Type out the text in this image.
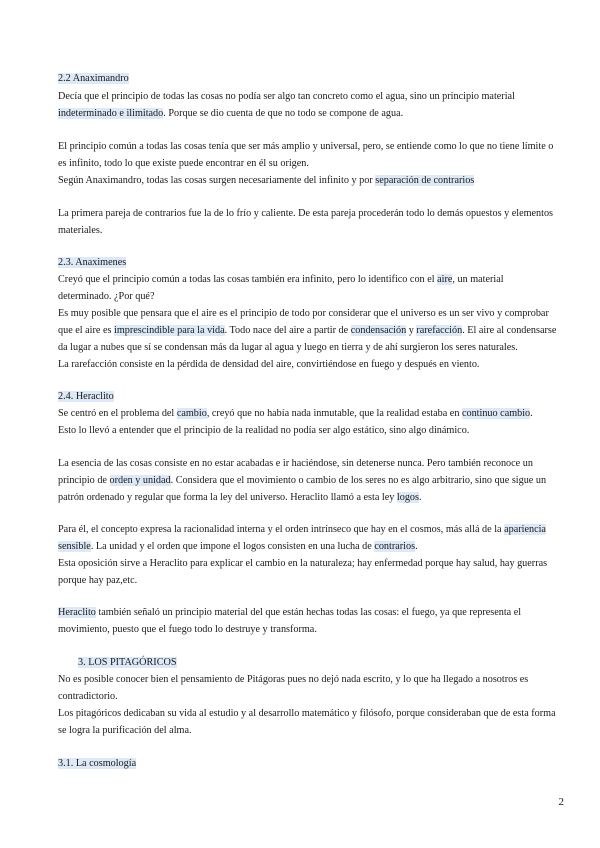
2.2 Anaximandro
Decía que el principio de todas las cosas no podía ser algo tan concreto como el agua, sino un principio material
indeterminado e ilimitado. Porque se dio cuenta de que no todo se compone de agua.
El principio común a todas las cosas tenía que ser más amplio y universal, pero, se entiende como lo que no tiene límite o
es infinito, todo lo que existe puede encontrar en él su origen.
Según Anaximandro, todas las cosas surgen necesariamente del infinito y por separación de contrarios
La primera pareja de contrarios fue la de lo frío y caliente. De esta pareja procederán todo lo demás opuestos y elementos
materiales.
2.3. Anaximenes
Creyó que el principio común a todas las cosas también era infinito, pero lo identifico con el aire, un material
determinado. ¿Por qué?
Es muy posible que pensara que el aire es el principio de todo por considerar que el universo es un ser vivo y comprobar
que el aire es imprescindible para la vida. Todo nace del aire a partir de condensación y rarefacción. El aire al condensarse
da lugar a nubes que sí se condensan más da lugar al agua y luego en tierra y de ahí surgieron los seres naturales.
La rarefacción consiste en la pérdida de densidad del aire, convirtiéndose en fuego y después en viento.
2.4. Heraclito
Se centró en el problema del cambio, creyó que no había nada inmutable, que la realidad estaba en continuo cambio.
Esto lo llevó a entender que el principio de la realidad no podía ser algo estático, sino algo dinámico.
La esencia de las cosas consiste en no estar acabadas e ir haciéndose, sin detenerse nunca. Pero también reconoce un
principio de orden y unidad. Considera que el movimiento o cambio de los seres no es algo arbitrario, sino que sigue un
patrón ordenado y regular que forma la ley del universo. Heraclito llamó a esta ley logos.
Para él, el concepto expresa la racionalidad interna y el orden intrínseco que hay en el cosmos, más allá de la apariencia
sensible. La unidad y el orden que impone el logos consisten en una lucha de contrarios.
Esta oposición sirve a Heraclito para explicar el cambio en la naturaleza; hay enfermedad porque hay salud, hay guerras
porque hay paz,etc.
Heraclito también señaló un principio material del que están hechas todas las cosas: el fuego, ya que representa el
movimiento, puesto que el fuego todo lo destruye y transforma.
3. LOS PITAGÓRICOS
No es posible conocer bien el pensamiento de Pitágoras pues no dejó nada escrito, y lo que ha llegado a nosotros es
contradictorio.
Los pitagóricos dedicaban su vida al estudio y al desarrollo matemático y filósofo, porque consideraban que de esta forma
se logra la purificación del alma.
3.1. La cosmología
2
